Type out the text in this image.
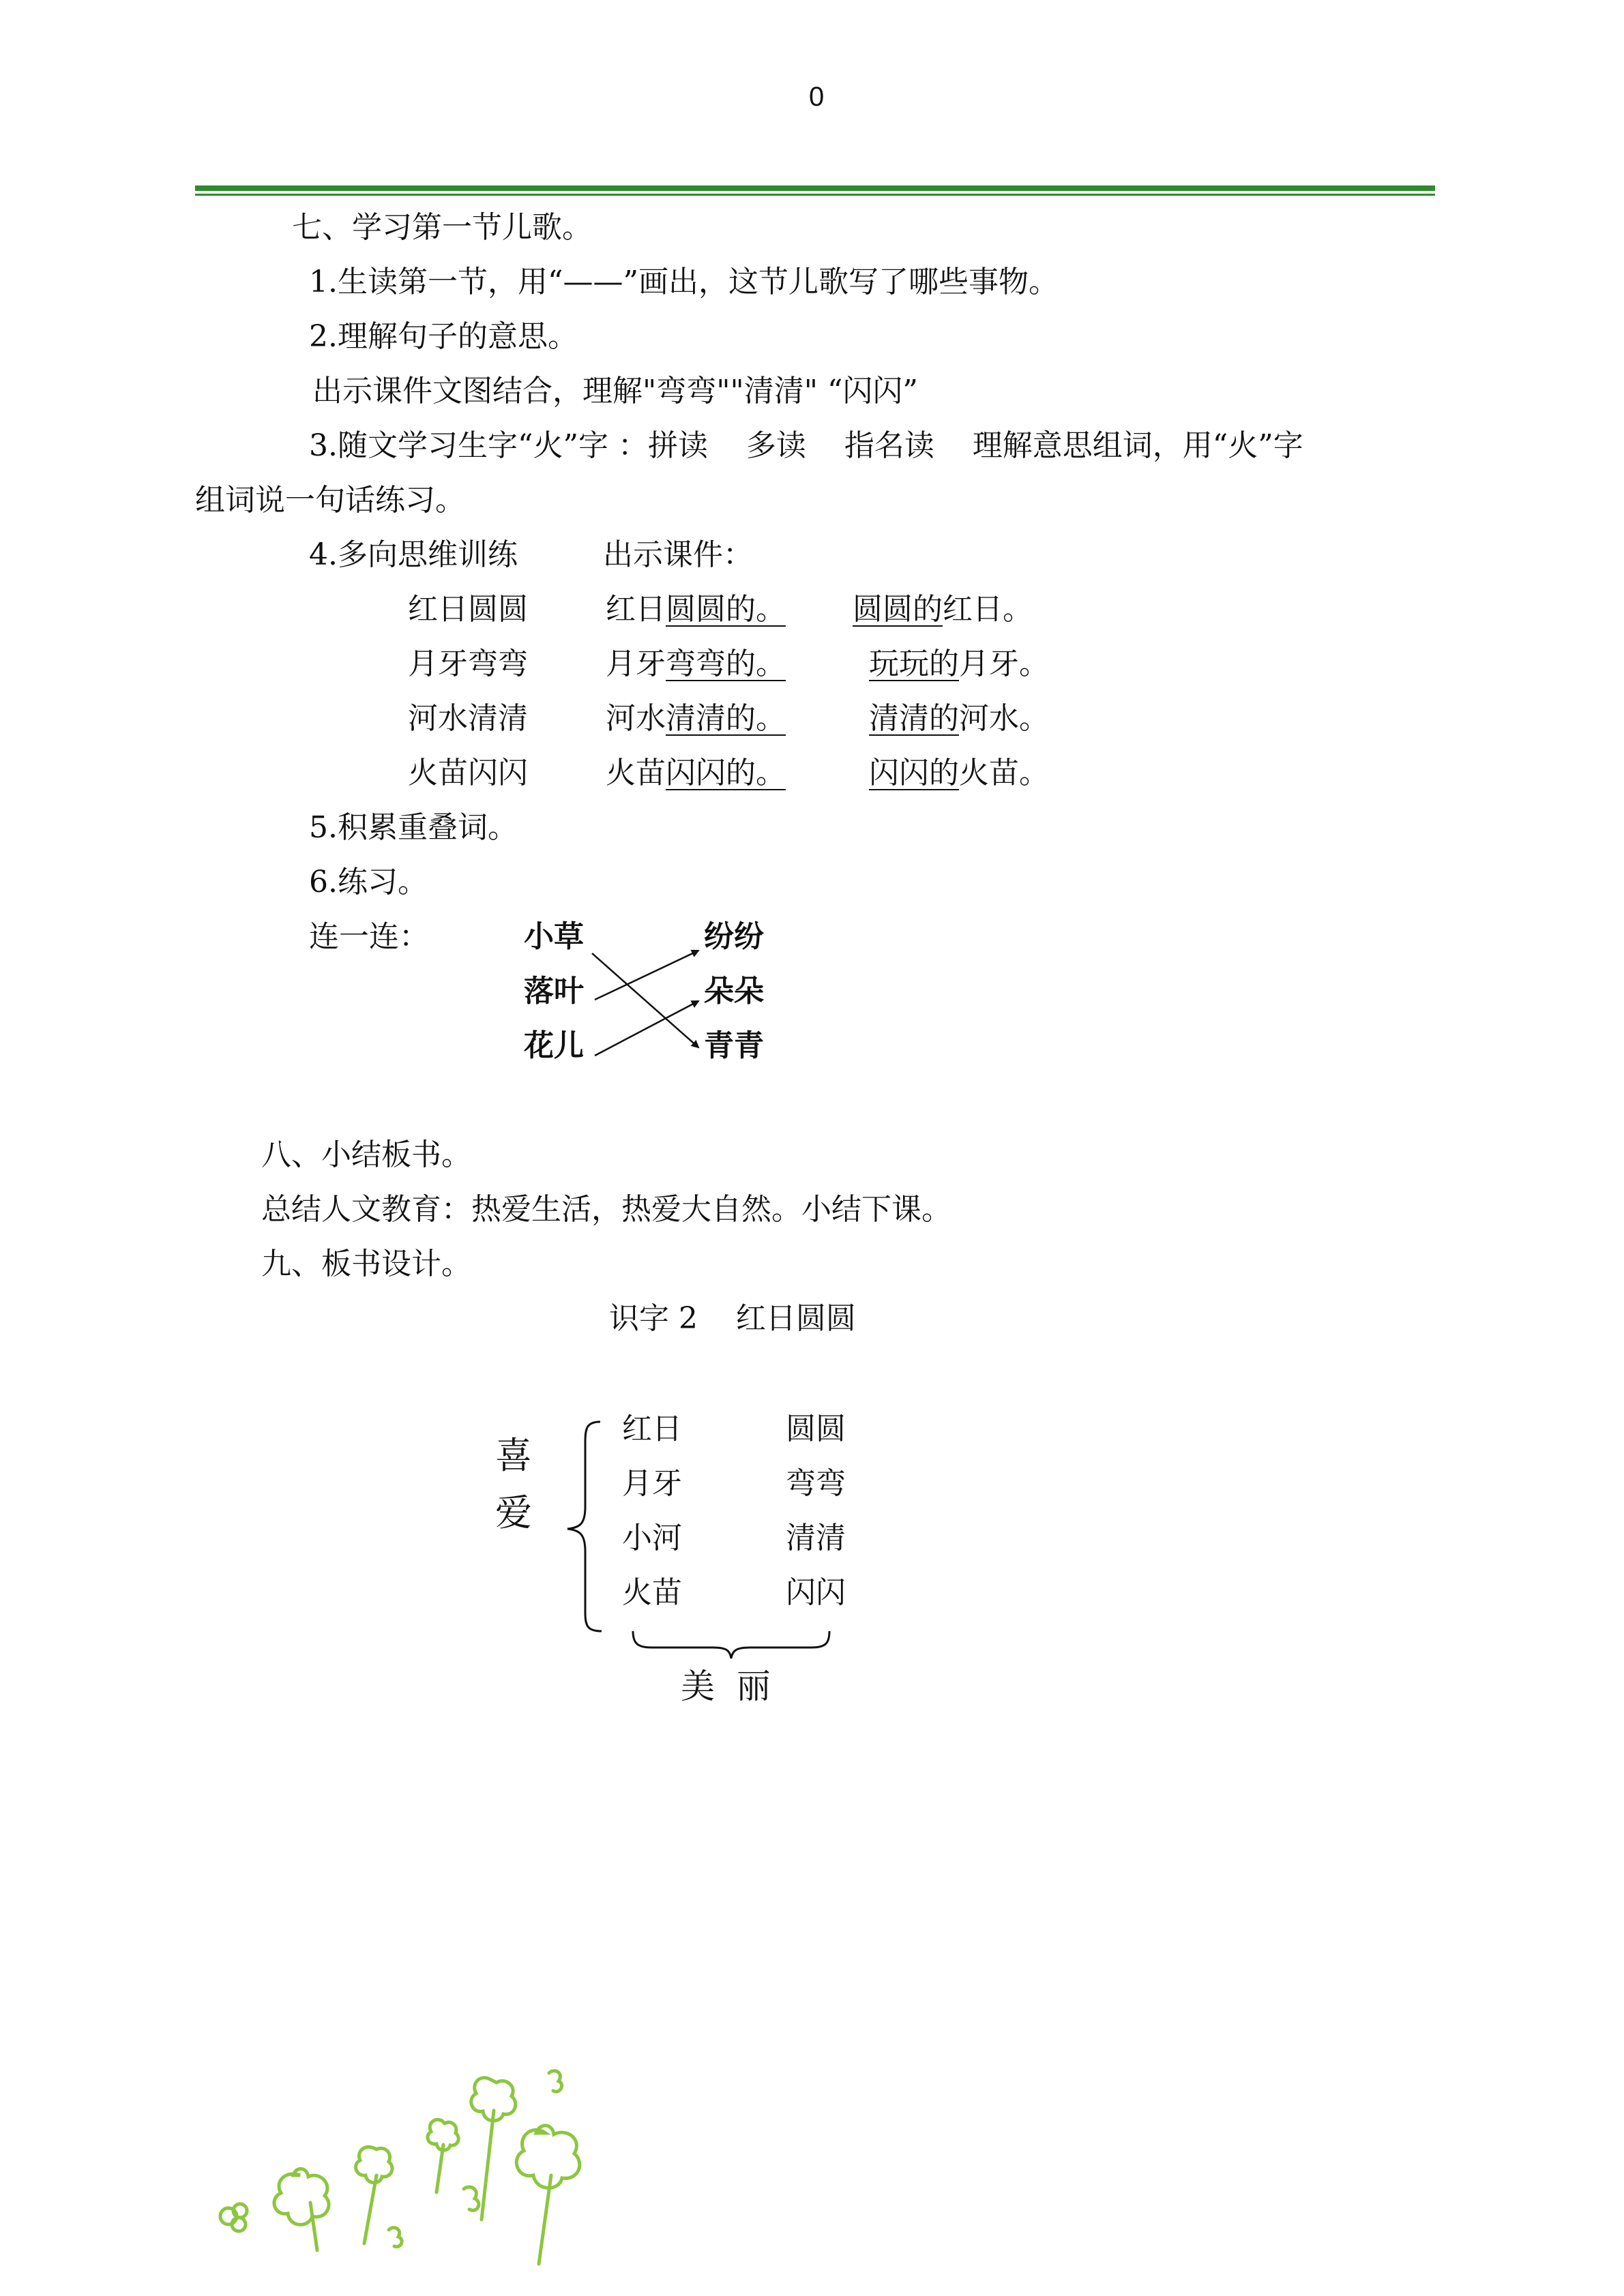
0
七、学习第一节儿歌。
1.生读第一节，用“——”画出，这节儿歌写了哪些事物。
2.理解句子的意思。
出示课件文图结合，理解"弯弯""清清" “闪闪”
3.随文学习生字“火”字 ：拼读    多读    指名读    理解意思组词，用“火”字
组词说一句话练习。
4.多向思维训练	出示课件：
红日圆圆	红日圆圆的。 圆圆的红日。
月牙弯弯	月牙弯弯的。	玩玩的月牙。
河水清清	河水清清的。	清清的河水。
火苗闪闪	火苗闪闪的。	闪闪的火苗。
5.积累重叠词。
6.练习。
连一连：	小草
落叶
花儿
纷纷
朵朵
青青
八、小结板书。
总结人文教育：热爱生活，热爱大自然。小结下课。
九、板书设计。
识字 2    红日圆圆
喜
爱
红日	圆圆
月牙	弯弯
小河	清清
火苗	闪闪
美  丽
